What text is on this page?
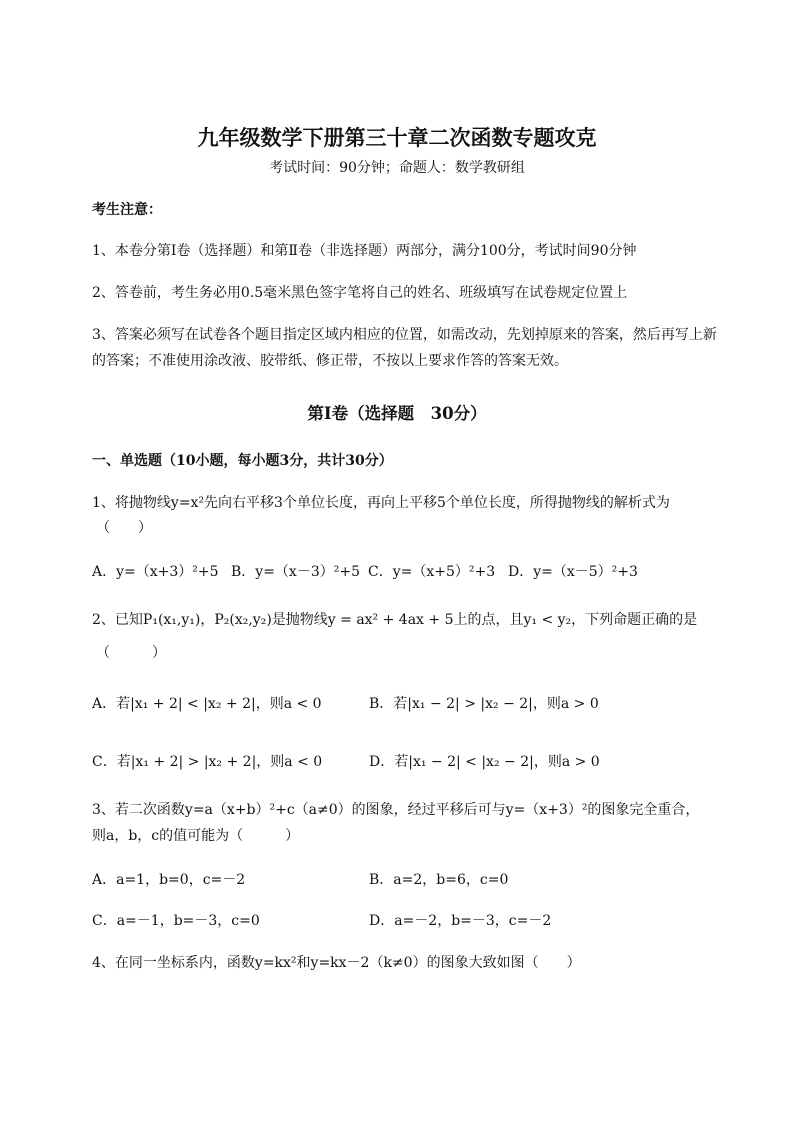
九年级数学下册第三十章二次函数专题攻克
考试时间：90分钟；命题人：数学教研组
考生注意：
1、本卷分第Ⅰ卷（选择题）和第Ⅱ卷（非选择题）两部分，满分100分，考试时间90分钟
2、答卷前，考生务必用0.5毫米黑色签字笔将自己的姓名、班级填写在试卷规定位置上
3、答案必须写在试卷各个题目指定区域内相应的位置，如需改动，先划掉原来的答案，然后再写上新
的答案；不准使用涂改液、胶带纸、修正带，不按以上要求作答的答案无效。
第Ⅰ卷（选择题　30分）
一、单选题（10小题，每小题3分，共计30分）
1、将抛物线y=x²先向右平移3个单位长度，再向上平移5个单位长度，所得抛物线的解析式为
（　　）
A．y=（x+3）²+5 B．y=（x－3）²+5 C．y=（x+5）²+3 D．y=（x－5）²+3
2、已知P₁(x₁,y₁)，P₂(x₂,y₂)是抛物线y = ax² + 4ax + 5上的点，且y₁ < y₂，下列命题正确的是
（　　　）
A．若|x₁ + 2| < |x₂ + 2|，则a < 0	B．若|x₁ − 2| > |x₂ − 2|，则a > 0
C．若|x₁ + 2| > |x₂ + 2|，则a < 0	D．若|x₁ − 2| < |x₂ − 2|，则a > 0
3、若二次函数y=a（x+b）²+c（a≠0）的图象，经过平移后可与y=（x+3）²的图象完全重合，
则a，b，c的值可能为（　　　）
A．a=1，b=0，c=－2	B．a=2，b=6，c=0
C．a=－1，b=－3，c=0	D．a=－2，b=－3，c=－2
4、在同一坐标系内，函数y=kx²和y=kx－2（k≠0）的图象大致如图（　　）
